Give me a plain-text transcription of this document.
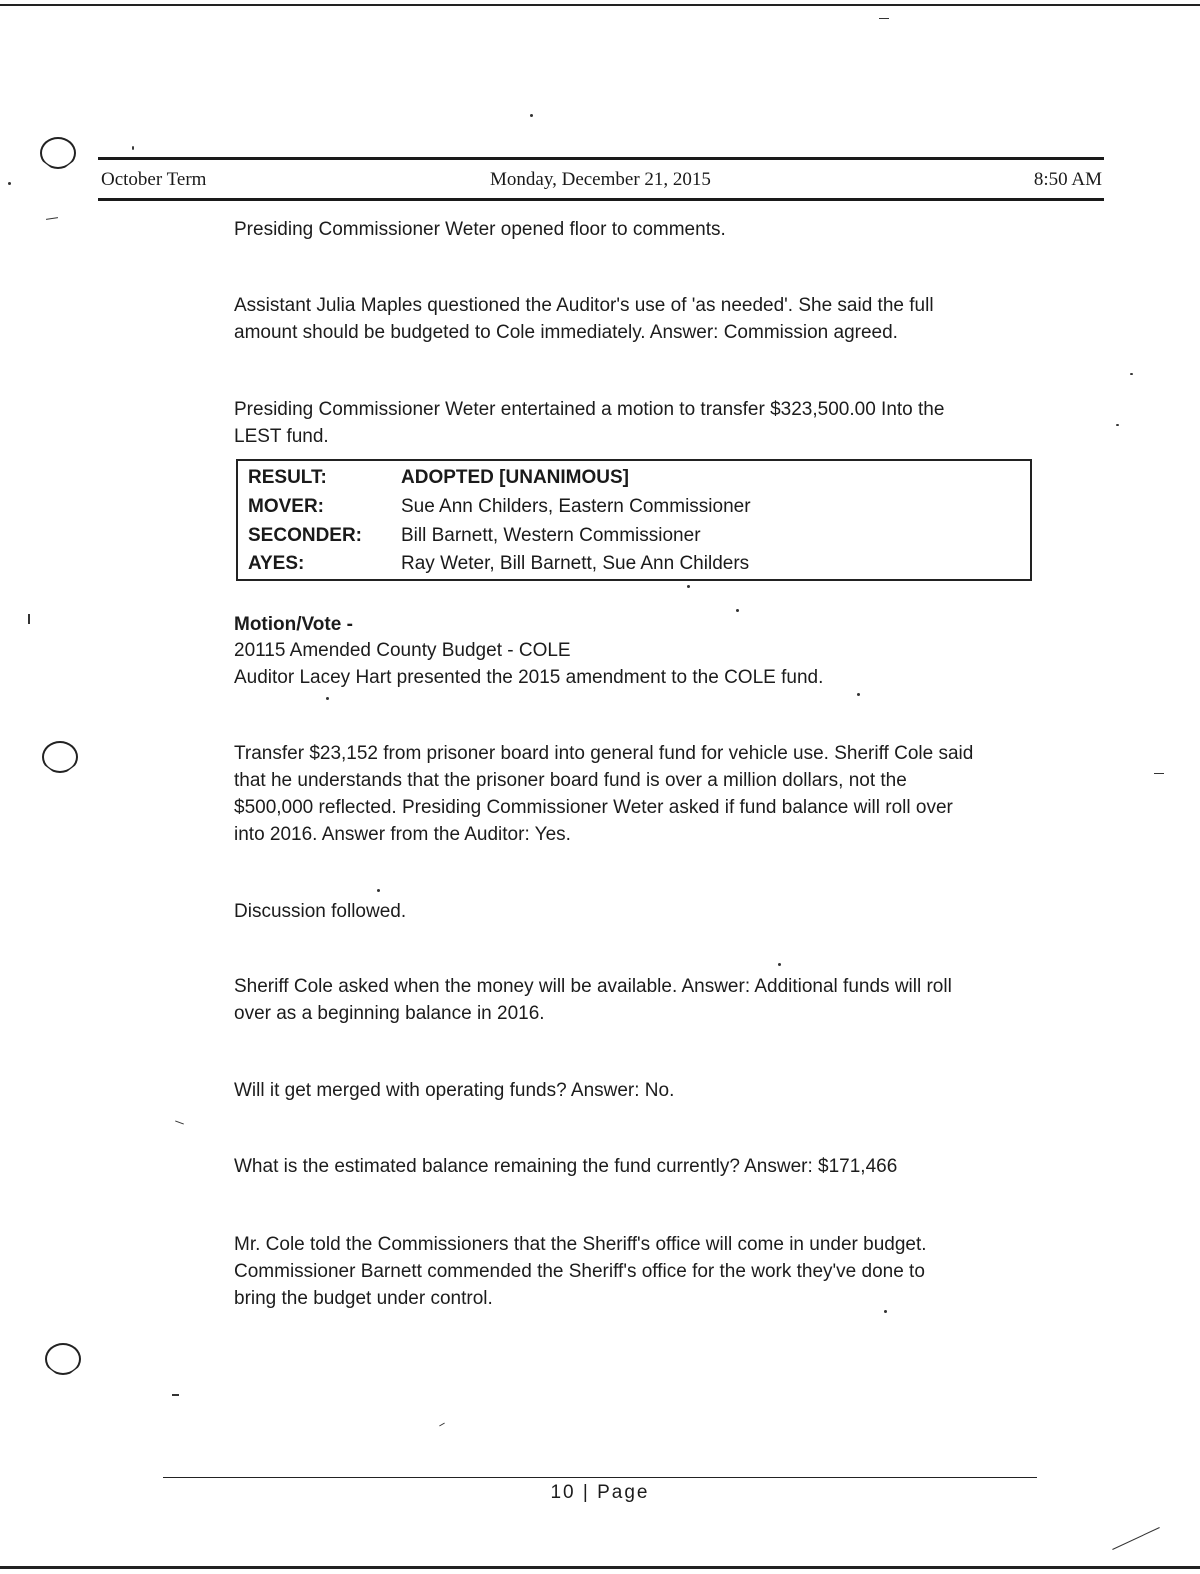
October Term	Monday, December 21, 2015	8:50 AM
Presiding Commissioner Weter opened floor to comments.
Assistant Julia Maples questioned the Auditor's use of 'as needed'. She said the full
amount should be budgeted to Cole immediately. Answer: Commission agreed.
Presiding Commissioner Weter entertained a motion to transfer $323,500.00 Into the
LEST fund.
RESULT:	ADOPTED [UNANIMOUS]
MOVER:	Sue Ann Childers, Eastern Commissioner
SECONDER: Bill Barnett, Western Commissioner
AYES:	Ray Weter, Bill Barnett, Sue Ann Childers
Motion/Vote -
20115 Amended County Budget - COLE
Auditor Lacey Hart presented the 2015 amendment to the COLE fund.
Transfer $23,152 from prisoner board into general fund for vehicle use. Sheriff Cole said
that he understands that the prisoner board fund is over a million dollars, not the
$500,000 reflected. Presiding Commissioner Weter asked if fund balance will roll over
into 2016. Answer from the Auditor: Yes.
Discussion followed.
Sheriff Cole asked when the money will be available. Answer: Additional funds will roll
over as a beginning balance in 2016.
Will it get merged with operating funds? Answer: No.
What is the estimated balance remaining the fund currently? Answer: $171,466
Mr. Cole told the Commissioners that the Sheriff's office will come in under budget.
Commissioner Barnett commended the Sheriff's office for the work they've done to
bring the budget under control.
10 | Page
